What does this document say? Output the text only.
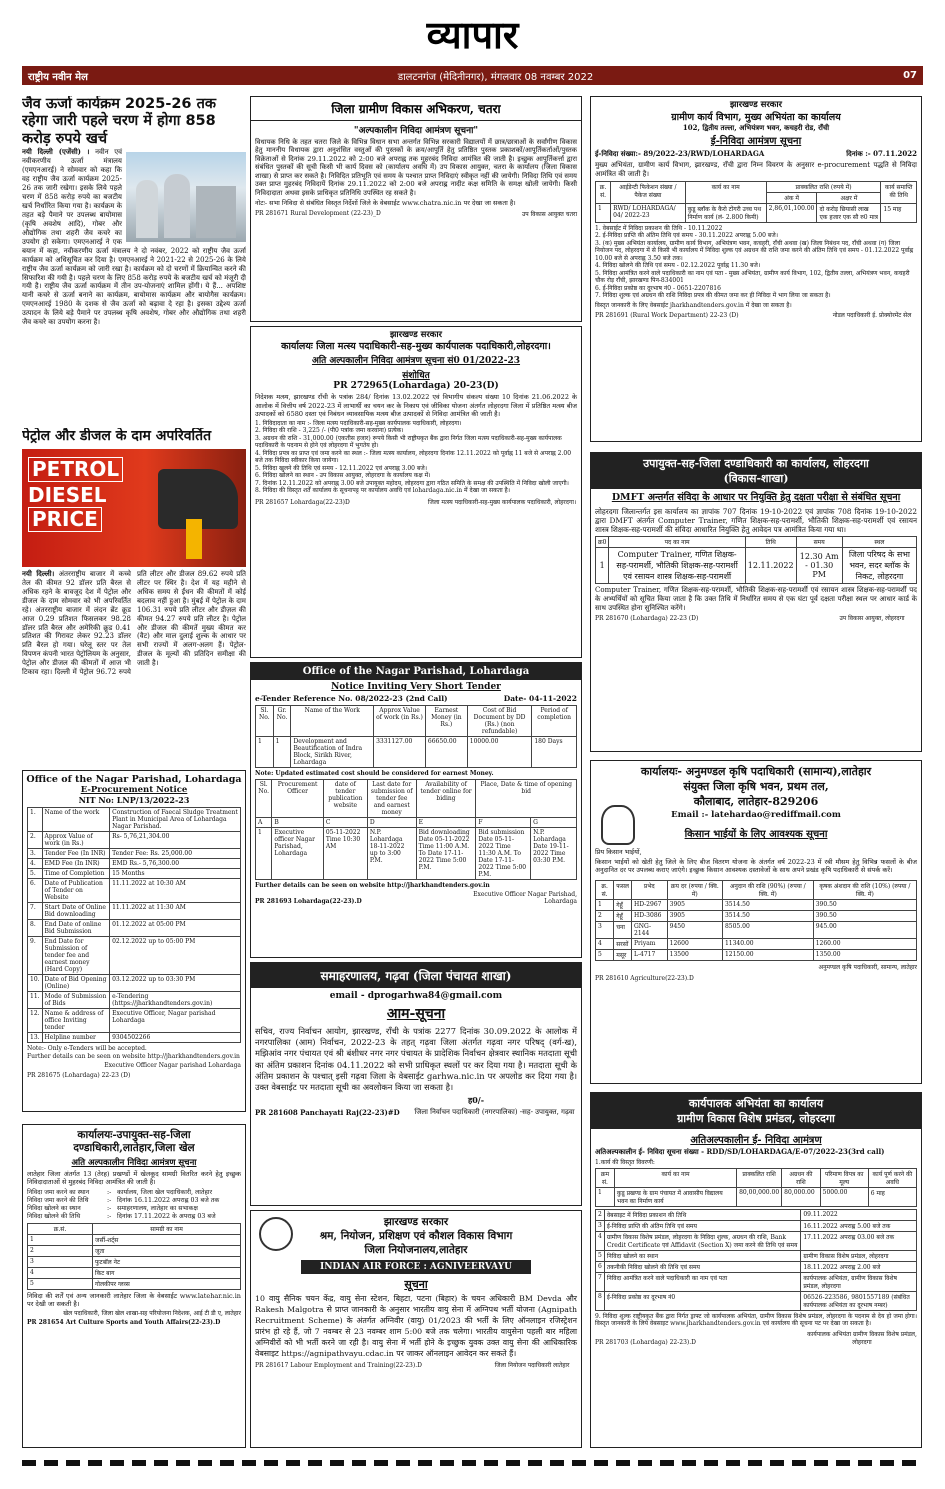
व्यापार
राष्ट्रीय नवीन मेल	डालटनगंज (मेदिनीनगर), मंगलवार 08 नवम्बर 2022	07
जैव ऊर्जा कार्यक्रम 2025-26 तक रहेगा जारी पहले चरण में होगा 858 करोड़ रुपये खर्च
नयी दिल्ली (एजेंसी) । नवीन एवं नवीकरणीय ऊर्जा मंत्रालय (एमएनआरई) ने सोमवार को कहा कि वह राष्ट्रीय जैव ऊर्जा कार्यक्रम 2025-26 तक जारी रखेगा। इसके लिये पहले चरण में 858 करोड़ रुपये का बजटीय खर्च निर्धारित किया गया है। कार्यक्रम के तहत बड़े पैमाने पर उपलब्ध बायोमास (कृषि अवशेष आदि), गोबर और औद्योगिक तथा शहरी जैव कचरे का उपयोग हो सकेगा। एमएनआरई ने एक बयान में कहा, नवीकरणीय ऊर्जा मंत्रालय ने दो नवंबर, 2022 को राष्ट्रीय जैव ऊर्जा कार्यक्रम को अधिसूचित कर दिया है। एमएनआरई ने 2021-22 से 2025-26 के लिये राष्ट्रीय जैव ऊर्जा कार्यक्रम को जारी रखा है। कार्यक्रम को दो चरणों में क्रियान्वित करने की सिफारिश की गयी है। पहले चरण के लिए 858 करोड़ रुपये के बजटीय खर्च को मंजूरी दी गयी है। राष्ट्रीय जैव ऊर्जा कार्यक्रम में तीन उप-योजनाएं शामिल होंगी। ये हैं... अपशिष्ट यानी कचरे से ऊर्जा बनाने का कार्यक्रम, बायोमास कार्यक्रम और बायोगैस कार्यक्रम। एमएनआरई 1980 के दशक से जैव ऊर्जा को बढ़ावा दे रहा है। इसका उद्देश्य ऊर्जा उत्पादन के लिये बड़े पैमाने पर उपलब्ध कृषि अवशेष, गोबर और औद्योगिक तथा शहरी जैव कचरे का उपयोग करना है।
पेट्रोल और डीजल के दाम अपरिवर्तित
PETROL
DIESEL
PRICE
नयी दिल्ली। अंतरराष्ट्रीय बाजार में कच्चे तेल की कीमत 92 डॉलर प्रति बैरल से अधिक रहने के बावजूद देश में पेट्रोल और डीजल के दाम सोमवार को भी अपरिवर्तित रहे। अंतरराष्ट्रीय बाजार में लंदन ब्रेंट क्रूड आज 0.29 प्रतिशत फिसलकर 98.28 डॉलर प्रति बैरल और अमेरिकी क्रूड 0.41 प्रतिशत की गिरावट लेकर 92.23 डॉलर प्रति बैरल हो गया। घरेलू स्तर पर तेल विपणन कंपनी भारत पेट्रोलियम के अनुसार, पेट्रोल और डीजल की कीमतों में आज भी टिकाव रहा। दिल्ली में पेट्रोल 96.72 रुपये प्रति लीटर और डीजल 89.62 रुपये प्रति लीटर पर स्थिर है। देश में यह महीने से अधिक समय से ईंधन की कीमतों में कोई बदलाव नहीं हुआ है। मुंबई में पेट्रोल के दाम 106.31 रुपये प्रति लीटर और डीज़ल की कीमत 94.27 रुपये प्रति लीटर है। पेट्रोल और डीजल की कीमतें मुख्य कीमत कर (वैट) और माल दुलाई शुल्क के आधार पर सभी राज्यों में अलग-अलग हैं। पेट्रोल-डीजल के मूल्यों की प्रतिदिन समीक्षा की जाती है।
Office of the Nagar Parishad, Lohardaga
E-Procurement Notice
NIT No: LNP/13/2022-23
1.	Name of the work	Construction of Faecal Sludge Treatment Plant in Municipal Area of Lohardaga Nagar Parishad.
2.	Approx Value of work (in Rs.)	Rs- 5,76,21,304.00
3.	Tender Fee (In INR)	Tender Fee: Rs. 25,000.00
4.	EMD Fee (In INR)	EMD Rs.- 5,76,300.00
5.	Time of Completion	15 Months
6.	Date of Publication of Tender on Website	11.11.2022 at 10:30 AM
7.	Start Date of Online Bid downloading	11.11.2022 at 11:30 AM
8.	End Date of online Bid Submission	01.12.2022 at 05:00 PM
9.	End Date for Submission of tender fee and earnest money (Hard Copy)	02.12.2022 up to 05:00 PM
10.	Date of Bid Opening (Online)	03.12.2022 up to 03:30 PM
11.	Mode of Submission of Bids	e-Tendering (https://jharkhandtenders.gov.in)
12.	Name & address of office Inviting tender	Executive Officer, Nagar parishad Lohardaga
13.	Helpline number	9304502266
Note:- Only e-Tenders will be accepted.
Further details can be seen on website http://jharkhandtenders.gov.in
Executive Officer Nagar parishad Lohardaga
PR 281675 (Lohardaga) 22-23 (D)
कार्यालयः-उपायुक्त-सह-जिला दण्डाधिकारी,लातेहार,जिला खेल
अति अल्पकालीन निविदा आमंत्रण सूचना
लातेहार जिला अंतर्गत 13 (तेरह) प्रखण्डों में खेलकूद सामग्री वितरित करने हेतु इच्छुक निविदादाताओं से मुहरबंद निविदा आमंत्रित की जाती है।
निविदा जमा करने का स्थान	:- कार्यालय, जिला खेल पदाधिकारी, लातेहार
निविदा जमा करने की तिथि	:- दिनांक 16.11.2022 अपराह्न 03 बजे तक
निविदा खोलने का स्थान	:- समाहरणालय, लातेहार का सभाकक्ष
निविदा खोलने की तिथि	:- दिनांक 17.11.2022 के अपराह्न 03 बजे
क्र.सं.	सामग्री का नाम
1	जर्सी-शर्ट्स
2	जूता
3	फुटबॉल नेट
4	किट बाग
5	गोलकीपर ग्लव्स
निविदा की शर्तें एवं अन्य जानकारी लातेहार जिला के वेबसाईट www.latehar.nic.in पर देखी जा सकती है।
खेल पदाधिकारी, जिला खेल शाखा-सह परियोजना निदेशक, आई टी डी ए, लातेहार
PR 281654 Art Culture Sports and Youth Affairs(22-23).D
जिला ग्रामीण विकास अभिकरण, चतरा
"अल्पकालीन निविदा आमंत्रण सूचना"
विधायक निधि के तहत चतरा जिले के विभिन्न विधान सभा अन्तर्गत विभिन्न सरकारी विद्यालयों में छात्र/छात्राओं के सर्वांगीण विकास हेतु माननीय विधायक द्वारा अनुशंसित वस्तुओं की पुस्तकों के क्रय/आपूर्ति हेतु प्रतिष्ठित पुस्तक प्रकाशकों/आपूर्तिकर्ताओं/पुस्तक विक्रेताओं से दिनांक 29.11.2022 को 2:00 बजे अपराह्न तक मुहरबंद निविदा आमंत्रित की जाती है। इच्छुक आपूर्तिकर्त्ता द्वारा संबंधित पुस्तकों की सूची किसी भी कार्य दिवस को (कार्यालय अवधि में) उप विकास आयुक्त, चतरा के कार्यालय (जिला विकास शाखा) से प्राप्त कर सकते है। निविदित प्रतिभूति एवं समय के पश्चात प्राप्त निविदाएं स्वीकृत नहीं की जायेगी। निविदा तिथि एवं समय उक्त प्राप्त मुहरबंद निविदायें दिनांक 29.11.2022 को 2:00 बजे अपराह्न नादीट कक्ष समिति के समक्ष खोली जायेगी। किसी निविदादाता अथवा इसके प्राधिकृत प्रतिनिधि उपस्थित रह सकते है।
नोटः- सभा निविदा से संबंधित विस्तृत निर्देशों जिले के वेबसाईट www.chatra.nic.in पर देखा जा सकता है।
PR 281671 Rural Development (22-23)_D	उप विकास आयुक्त चतरा
झारखण्ड सरकार
कार्यालयः जिला मत्स्य पदाधिकारी-सह-मुख्य कार्यपालक पदाधिकारी,लोहरदगा।
अति अल्पकालीन निविदा आमंत्रण सूचना सं0 01/2022-23
संशोधित
PR 272965(Lohardaga) 20-23(D)
निदेशक मत्स्य, झारखण्ड राँची के पत्रांक 284/ दिनांक 13.02.2022 एवं विभागीय संकल्प संख्या 10 दिनांक 21.06.2022 के आलोक में वित्तीय वर्ष 2022-23 में लाभार्थी का चयन कर के निकाय एवं जीविका योजना अंतर्गत लोहरदगा जिला में प्रतिष्ठित मत्स्य बीज उत्पादकों को 6580 दस्ता एवं निबंधन व्यावसायिक मत्स्य बीज उत्पादकों से निविदा आमंत्रित की जाती है।
1. निविदादाता का नाम :- जिला मत्स्य पदाधिकारी-सह-मुख्य कार्यपालक पदाधिकारी, लोहरदगा।
2. निविदा की राशि - 3,225 /- (पी0 पत्रांक जमा करवाना) प्रत्येक।
3. अग्रधन की राशि - 31,000.00 (एकतीस हजार) रूपये किसी भी राष्ट्रीयकृत बैंक द्वारा निर्गत जिला मत्स्य पदाधिकारी-सह-मुख्य कार्यपालक पदाधिकारी के पदनाम से होने एवं लोहरदगा में भुगतेय हो।
4. निविदा प्रपत्र का प्राप्त एवं जमा करने का स्थल :- जिला मत्स्य कार्यालय, लोहरदगा दिनांक 12.11.2022 को पूर्वाह्न 11 बजे से अपराह्न 2.00 बजे तक निविदा स्वीकार किया जायेगा।
5. निविदा खुलने की तिथि एवं समय - 12.11.2022 एवं अपराह्न 3.00 बजे।
6. निविदा खोलने का स्थान - उप विकास आयुक्त, लोहरदगा के कार्यालय कक्ष में।
7. दिनांक 12.11.2022 को अपराह्न 3.00 बजे उपायुक्त महोदय, लोहरदगा द्वारा गठित समिति के समक्ष की उपस्थिति में निविदा खोली जाएगी।
8. निविदा की विस्तृत शर्तें कार्यालय के सूचनापट्ट पर कार्यालय अवधि एवं lohardaga.nic.in में देखा जा सकता है।
PR 281657 Lohardaga(22-23)D	जिला मत्स्य पदाधिकारी-सह-मुख्य कार्यपालक पदाधिकारी, लोहरदगा।
Office of the Nagar Parishad, Lohardaga
Notice Inviting Very Short Tender
e-Tender Reference No. 08/2022-23 (2nd Call)	Date- 04-11-2022
Sl. No.	Gr. No.	Name of the Work	Approx Value of work (in Rs.)	Earnest Money (in Rs.)	Cost of Bid Document by DD (Rs.) (non refundable)	Period of completion
1	1	Development and Beautification of Indra Block, Sirikh River, Lohardaga	3331127.00	66650.00	10000.00	180 Days
Note: Updated estimated cost should be considered for earnest Money.
Sl. No.	Procurement Officer	date of tender publication website	Last date for submission of tender fee and earnest money	Availability of tender online for biding	Place, Date & time of opening bid	
A	B	C	D	E	F	G
1	Executive officer Nagar Parishad, Lohardaga	05-11-2022 Time 10:30 AM	N.P. Lohardaga 18-11-2022 up to 3:00 P.M.	Bid downloading Date 05-11-2022 Time 11:00 A.M. To Date 17-11-2022 Time 5:00 P.M.	Bid submission Date 05-11-2022 Time 11:30 A.M. To Date 17-11-2022 Time 5:00 P.M.	N.P. Lohardaga Date 19-11-2022 Time 03:30 P.M.
Further details can be seen on website http://jharkhandtenders.gov.in
PR 281693 Lohardaga(22-23).D
Executive Officer Nagar Parishad, Lohardaga
समाहरणालय, गढ़वा (जिला पंचायत शाखा)
email - dprogarhwa84@gmail.com
आम-सूचना
सचिव, राज्य निर्वाचन आयोग, झारखण्ड, राँची के पत्रांक 2277 दिनांक 30.09.2022 के आलोक में नगरपालिका (आम) निर्वाचन, 2022-23 के तहत् गढ़वा जिला अंतर्गत गढ़वा नगर परिषद् (वर्ग-ख), मझिआंव नगर पंचायत एवं श्री बंशीधर नगर नगर पंचायत के प्रादेशिक निर्वाचन क्षेत्रवार स्थानिक मतदाता सूची का अंतिम प्रकाशन दिनांक 04.11.2022 को सभी प्राधिकृत स्थलों पर कर दिया गया है। मतदाता सूची के अंतिम प्रकाशन के पश्चात् इसी गढ़वा जिला के वेबसाईट garhwa.nic.in पर अपलोड कर दिया गया है। उक्त वेबसाईट पर मतदाता सूची का अवलोकन किया जा सकता है।
ह0/-
PR 281608 Panchayati Raj(22-23)#D	जिला निर्वाचन पदाधिकारी (नगरपालिका) -सह- उपायुक्त, गढ़वा
झारखण्ड सरकार
श्रम, नियोजन, प्रशिक्षण एवं कौशल विकास विभाग
जिला नियोजनालय,लातेहार
INDIAN AIR FORCE : AGNIVEERVAYU
सूचना
10 वायु सैनिक चयन केंद्र, वायु सेना स्टेशन, बिहटा, पटना (बिहार) के चयन अधिकारी BM Devda और Rakesh Malgotra से प्राप्त जानकारी के अनुसार भारतीय वायु सेना में अग्निपथ भर्ती योजना (Agnipath Recruitment Scheme) के अंतर्गत अग्निवीर (वायु) 01/2023 की भर्ती के लिए ऑनलाइन रजिस्ट्रेशन प्रारंभ हो रहे हैं, जो 7 नवम्बर से 23 नवम्बर शाम 5:00 बजे तक चलेगा। भारतीय वायुसेना पहली बार महिला अग्निवीरों को भी भर्ती करने जा रही है। वायु सेना में भर्ती होने के इच्छुक युवक उक्त वायु सेना की आधिकारिक वेबसाइट https://agnipathvayu.cdac.in पर जाकर ऑनलाइन आवेदन कर सकते हैं।
PR 281617 Labour Employment and Training(22-23).D	जिला नियोजन पदाधिकारी लातेहार
झारखण्ड सरकार
ग्रामीण कार्य विभाग, मुख्य अभियंता का कार्यालय
102, द्वितीय तल्ला, अभियंत्रण भवन, कचहरी रोड, राँची
ई-निविदा आमंत्रण सूचना
ई-निविदा संख्या:- 89/2022-23/RWD/LOHARDAGA	दिनांक :- 07.11.2022
मुख्य अभियंता, ग्रामीण कार्य विभाग, झारखण्ड, राँची द्वारा निम्न विवरण के अनुसार e-procurement पद्धति से निविदा आमंत्रित की जाती है।
क्र. सं.	आईडेन्टी फिकेशन संख्या / पैकेज संख्या	कार्य का नाम	प्राक्कलित राशि (रुपये में)		कार्य समाप्ति की तिथि
			अंक में	अक्षर में	
1	RWD/ LOHARDAGA/ 04/ 2022-23	कुडू ब्लॉक के कैरो टोंगरी उच्च पथ निर्माण कार्य (लं- 2.800 किमी)	2,86,01,100.00	दो करोड़ छियासी लाख एक हजार एक सौ रु0 मात्र	15 माह
1. वेबसाईट में निविदा प्रकाशन की तिथि - 10.11.2022
2. ई-निविदा प्राप्ति की अंतिम तिथि एवं समय - 30.11.2022 अपराह्न 5.00 बजे।
3. (क) मुख्य अभियंता कार्यालय, ग्रामीण कार्य विभाग, अभियंत्रण भवन, कचहरी, राँची अथवा (ख) जिला निबंधन पद, राँची अथवा (ग) जिला नियोजन पद, लोहरदगा में से किसी भी कार्यालय में निविदा शुल्क एवं अग्रधन की राशि जमा करने की अंतिम तिथि एवं समय - 01.12.2022 पूर्वाह्न 10.00 बजे से अपराह्न 3.50 बजे तक।
4. निविदा खोलने की तिथि एवं समय - 02.12.2022 पूर्वाह्न 11.30 बजे।
5. निविदा आमंत्रित करने वाले पदाधिकारी का नाम एवं पता - मुख्य अभियंता, ग्रामीण कार्य विभाग, 102, द्वितीय तल्ला, अभियंत्रण भवन, कचहरी चौक रोड़ राँची, झारखण्ड पिन-834001
6. ई-निविदा प्रकोष्ठ का दूरभाष नं0 - 0651-2207816
7. निविदा शुल्क एवं अग्रधन की राशि निविदा प्रपत्र की कीमत जमा कर ही निविदा में भाग लिया जा सकता है।
विस्तृत जानकारी के लिए वेबसाईट jharkhandtenders.gov.in में देखा जा सकता है।
PR 281691 (Rural Work Department) 22-23 (D)	नोडल पदाधिकारी ई. प्रोक्योरमेंट सेल
उपायुक्त-सह-जिला दण्डाधिकारी का कार्यालय, लोहरदगा
(विकास-शाखा)
DMFT अन्तर्गत संविदा के आधार पर नियुक्ति हेतु दक्षता परीक्षा से संबंधित सूचना
लोहरदगा जिलान्तर्गत इस कार्यालय का ज्ञापांक 707 दिनांक 19-10-2022 एवं ज्ञापांक 708 दिनांक 19-10-2022 द्वारा DMFT अंतर्गत Computer Trainer, गणित शिक्षक-सह-परामर्शी, भौतिकी शिक्षक-सह-परामर्शी एवं रसायन शास्त्र शिक्षक-सह-परामर्शी की संविदा आधारित नियुक्ति हेतु आवेदन पत्र आमंत्रित किया गया था।
क्र0	पद का नाम	तिथि	समय	स्थल
1	Computer Trainer, गणित शिक्षक-सह-परामर्शी, भौतिकी शिक्षक-सह-परामर्शी एवं रसायन शास्त्र शिक्षक-सह-परामर्शी	12.11.2022	12.30 Am - 01.30 PM	जिला परिषद के सभा भवन, सदर ब्लॉक के निकट, लोहरदगा
Computer Trainer, गणित शिक्षक-सह-परामर्शी, भौतिकी शिक्षक-सह-परामर्शी एवं रसायन शास्त्र शिक्षक-सह-परामर्शी पद के अभ्यर्थियों को सूचित किया जाता है कि उक्त तिथि में निर्धारित समय से एक घंटा पूर्व दक्षता परीक्षा स्थल पर आधार कार्ड के साथ उपस्थित होना सुनिश्चित करेंगे।
PR 281670 (Lohardaga) 22-23 (D)	उप विकास आयुक्त, लोहरदगा
कार्यालयः- अनुमण्डल कृषि पदाधिकारी (सामान्य),लातेहार
संयुक्त जिला कृषि भवन, प्रथम तल,
कौलाबाद, लातेहार-829206
Email :- latehardao@rediffmail.com
किसान भाईयों के लिए आवश्यक सूचना
प्रिय किसान भाईयों,
किसान भाईयों को खेती हेतु जिले के लिए बीज वितरण योजना के अंतर्गत वर्ष 2022-23 में रबी मौसम हेतु विभिन्न फसलों के बीज अनुदानित दर पर उपलब्ध कराए जाएंगे। इच्छुक किसान आवश्यक दस्तावेजों के साथ अपने प्रखंड कृषि पदाधिकारी से संपर्क करें।
क्र. सं.	फसल	प्रभेद	क्रय दर (रुपया / क्वि. में)	अनुदान की राशि (90%) (रुपया / क्वि. में)	कृषक अंशदान की राशि (10%) (रुपया / क्वि. में)
1	गेहूँ	HD-2967	3905	3514.50	390.50
2	गेहूँ	HD-3086	3905	3514.50	390.50
3	चना	GNG-2144	9450	8505.00	945.00
4	सरसों	Priyam	12600	11340.00	1260.00
5	मसूर	L-4717	13500	12150.00	1350.00
अनुमण्डल कृषि पदाधिकारी, सामान्य, लातेहार
PR 281610 Agriculture(22-23).D
कार्यपालक अभियंता का कार्यालय
ग्रामीण विकास विशेष प्रमंडल, लोहरदगा
अतिअल्पकालीन ई- निविदा आमंत्रण
अतिअल्पकालीन ई- निविदा सूचना संख्या - RDD/SD/LOHARDAGA/E-07/2022-23(3rd call)
1.कार्य की विस्तृत विवरणी:
क्रम सं.	कार्य का नाम	प्राक्कलित राशि	अग्रधन की राशि	परिमाण विपत्र का मूल्य	कार्य पूर्ण करने की अवधि
1	कुडू प्रखण्ड के ग्राम पंचायत में आवासीय विद्यालय भवन का निर्माण कार्य	80,00,000.00	80,000.00	5000.00	6 माह
2	वेबसाइट में निविदा प्रकाशन की तिथि	09.11.2022
3	ई-निविदा प्राप्ति की अंतिम तिथि एवं समय	16.11.2022 अपराह्न 5.00 बजे तक
4	ग्रामीण विकास विशेष प्रमंडल, लोहरदगा के निविदा शुल्क, अग्रधन की राशि, Bank Credit Certificate एवं Affidavit (Section X) जमा करने की तिथि एवं समय	17.11.2022 अपराह्न 03.00 बजे तक
5	निविदा खोलने का स्थान	ग्रामीण विकास विशेष प्रमंडल, लोहरदगा
6	तकनीकी निविदा खोलने की तिथि एवं समय	18.11.2022 अपराह्न 2.00 बजे
7	निविदा आमंत्रित करने वाले पदाधिकारी का नाम एवं पता	कार्यपालक अभियंता, ग्रामीण विकास विशेष प्रमंडल, लोहरदगा
8	ई-निविदा प्रकोष्ठ का दूरभाष नं0	06526-223586, 9801557189 (संबंधित कार्यपालक अभियंता का दूरभाष नम्बर)
9. निविदा शुल्क राष्ट्रीयकृत बैंक द्वारा निर्गत ड्राफ्ट जो कार्यपालक अभियंता, ग्रामीण विकास विशेष प्रमंडल, लोहरदगा के पदनाम से देय हो जमा होगा। विस्तृत जानकारी के लिये वेबसाइट www.jharkhandtenders.gov.in एवं कार्यालय की सूचना पट पर देखा जा सकता है।
PR 281703 (Lohardaga) 22-23).D
कार्यपालक अभियंता ग्रामीण विकास विशेष प्रमंडल, लोहरदगा
